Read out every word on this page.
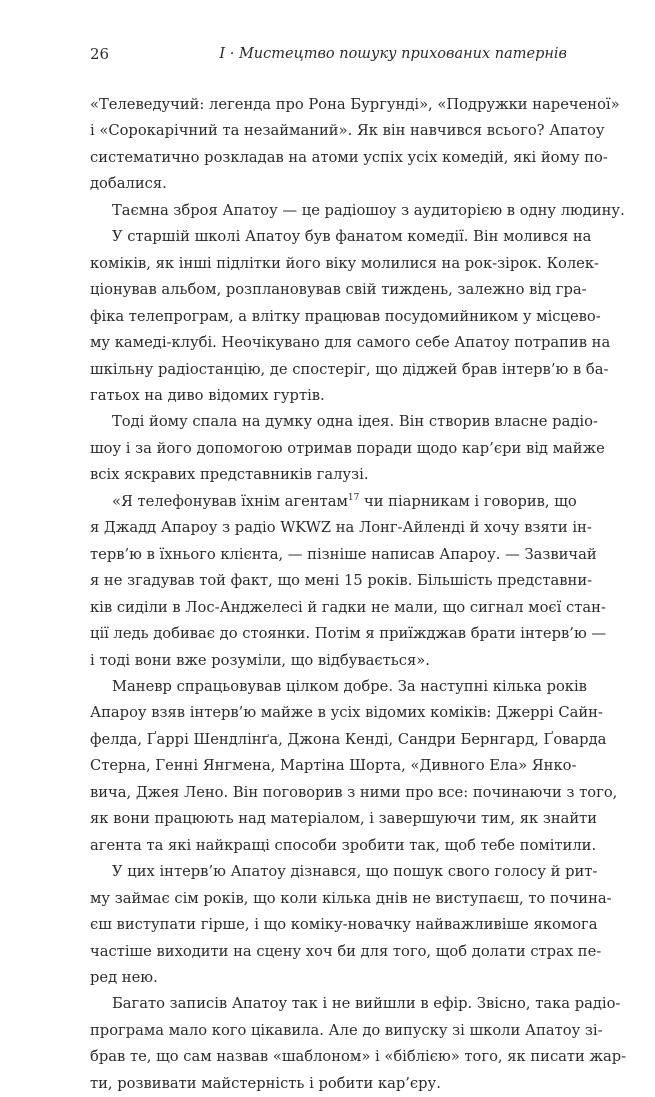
26	I · Мистецтво пошуку прихованих патернів

«Телеведучий: легенда про Рона Бургунді», «Подружки нареченої»
і «Сорокарічний та незайманий». Як він навчився всього? Апатоу
систематично розкладав на атоми успіх усіх комедій, які йому по-
добалися.

Таємна зброя Апатоу — це радіошоу з аудиторією в одну людину.

У старшій школі Апатоу був фанатом комедії. Він молився на
коміків, як інші підлітки його віку молилися на рок-зірок. Колек-
ціонував альбом, розплановував свій тиждень, залежно від гра-
фіка телепрограм, а влітку працював посудомийником у місцево-
му камеді-клубі. Неочікувано для самого себе Апатоу потрапив на
шкільну радіостанцію, де спостеріг, що діджей брав інтерв’ю в ба-
гатьох на диво відомих гуртів.

Тоді йому спала на думку одна ідея. Він створив власне радіо-
шоу і за його допомогою отримав поради щодо кар’єри від майже
всіх яскравих представників галузі.

«Я телефонував їхнім агентам$^{17}$ чи піарникам і говорив, що
я Джадд Апароу з радіо WKWZ на Лонг-Айленді й хочу взяти ін-
терв’ю в їхнього клієнта, — пізніше написав Апароу. — Зазвичай
я не згадував той факт, що мені 15 років. Більшість представни-
ків сиділи в Лос-Анджелесі й гадки не мали, що сигнал моєї стан-
ції ледь добиває до стоянки. Потім я приїжджав брати інтерв’ю —
і тоді вони вже розуміли, що відбувається».

Маневр спрацьовував цілком добре. За наступні кілька років
Апароу взяв інтерв’ю майже в усіх відомих коміків: Джеррі Сайн-
фелда, Ґаррі Шендлінґа, Джона Кенді, Сандри Бернгард, Ґоварда
Стерна, Генні Янгмена, Мартіна Шорта, «Дивного Ела» Янко-
вича, Джея Лено. Він поговорив з ними про все: починаючи з того,
як вони працюють над матеріалом, і завершуючи тим, як знайти
агента та які найкращі способи зробити так, щоб тебе помітили.

У цих інтерв’ю Апатоу дізнався, що пошук свого голосу й рит-
му займає сім років, що коли кілька днів не виступаєш, то почина-
єш виступати гірше, і що коміку-новачку найважливіше якомога
частіше виходити на сцену хоч би для того, щоб долати страх пе-
ред нею.

Багато записів Апатоу так і не вийшли в ефір. Звісно, така радіо-
програма мало кого цікавила. Але до випуску зі школи Апатоу зі-
брав те, що сам назвав «шаблоном» і «біблією» того, як писати жар-
ти, розвивати майстерність і робити кар’єру.
